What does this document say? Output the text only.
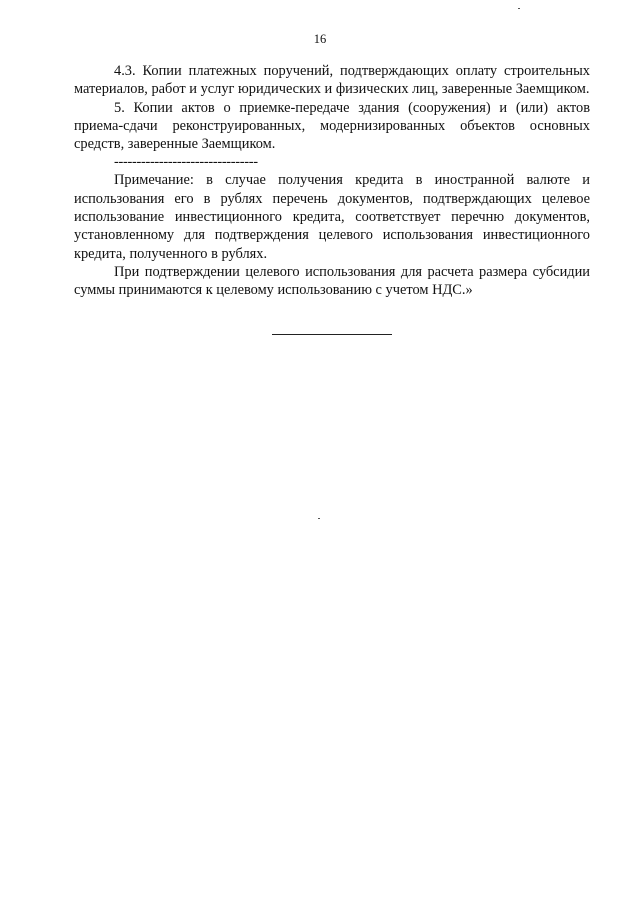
16

4.3. Копии платежных поручений, подтверждающих оплату строительных материалов, работ и услуг юридических и физических лиц, заверенные Заемщиком.

5. Копии актов о приемке-передаче здания (сооружения) и (или) актов приема-сдачи реконструированных, модернизированных объектов основных средств, заверенные Заемщиком.

--------------------------------

Примечание: в случае получения кредита в иностранной валюте и использования его в рублях перечень документов, подтверждающих целевое использование инвестиционного кредита, соответствует перечню документов, установленному для подтверждения целевого использования инвестиционного кредита, полученного в рублях.

При подтверждении целевого использования для расчета размера субсидии суммы принимаются к целевому использованию с учетом НДС.»
